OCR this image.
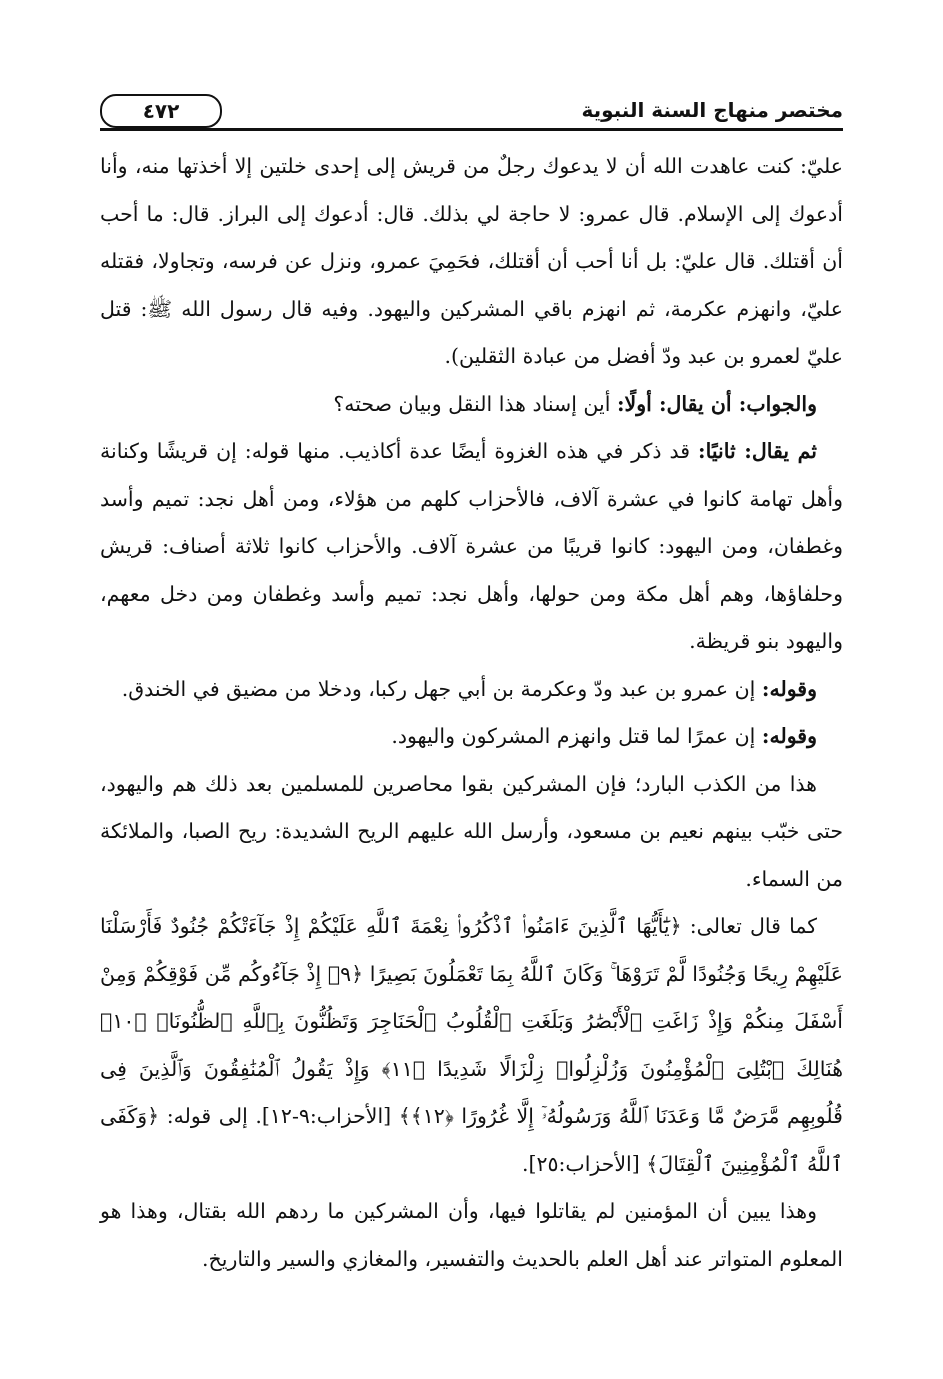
مختصر منهاج السنة النبوية
٤٧٢

عليّ: كنت عاهدت الله أن لا يدعوك رجلٌ من قريش إلى إحدى خلتين إلا أخذتها منه، وأنا أدعوك إلى الإسلام. قال عمرو: لا حاجة لي بذلك. قال: أدعوك إلى البراز. قال: ما أحب أن أقتلك. قال عليّ: بل أنا أحب أن أقتلك، فحَمِيَ عمرو، ونزل عن فرسه، وتجاولا، فقتله عليّ، وانهزم عكرمة، ثم انهزم باقي المشركين واليهود. وفيه قال رسول الله ﷺ: قتل عليّ لعمرو بن عبد ودّ أفضل من عبادة الثقلين).

والجواب: أن يقال: أولًا: أين إسناد هذا النقل وبيان صحته؟

ثم يقال: ثانيًا: قد ذكر في هذه الغزوة أيضًا عدة أكاذيب. منها قوله: إن قريشًا وكنانة وأهل تهامة كانوا في عشرة آلاف، فالأحزاب كلهم من هؤلاء، ومن أهل نجد: تميم وأسد وغطفان، ومن اليهود: كانوا قريبًا من عشرة آلاف. والأحزاب كانوا ثلاثة أصناف: قريش وحلفاؤها، وهم أهل مكة ومن حولها، وأهل نجد: تميم وأسد وغطفان ومن دخل معهم، واليهود بنو قريظة.

وقوله: إن عمرو بن عبد ودّ وعكرمة بن أبي جهل ركبا، ودخلا من مضيق في الخندق.

وقوله: إن عمرًا لما قتل وانهزم المشركون واليهود.

هذا من الكذب البارد؛ فإن المشركين بقوا محاصرين للمسلمين بعد ذلك هم واليهود، حتى خبّب بينهم نعيم بن مسعود، وأرسل الله عليهم الريح الشديدة: ريح الصبا، والملائكة من السماء.

كما قال تعالى: ﴿يَٰٓأَيُّهَا ٱلَّذِينَ ءَامَنُوا۟ ٱذْكُرُوا۟ نِعْمَةَ ٱللَّهِ عَلَيْكُمْ إِذْ جَآءَتْكُمْ جُنُودٌ فَأَرْسَلْنَا عَلَيْهِمْ رِيحًا وَجُنُودًا لَّمْ تَرَوْهَا ۚ وَكَانَ ٱللَّهُ بِمَا تَعْمَلُونَ بَصِيرًا ﴿٩﴾ إِذْ جَآءُوكُم مِّن فَوْقِكُمْ وَمِنْ أَسْفَلَ مِنكُمْ وَإِذْ زَاغَتِ ٱلْأَبْصَٰرُ وَبَلَغَتِ ٱلْقُلُوبُ ٱلْحَنَاجِرَ وَتَظُنُّونَ بِٱللَّهِ ٱلظُّنُونَا۠ ﴿١٠﴾ هُنَالِكَ ٱبْتُلِىَ ٱلْمُؤْمِنُونَ وَزُلْزِلُوا۟ زِلْزَالًا شَدِيدًا ﴿١١﴾ وَإِذْ يَقُولُ ٱلْمُنَٰفِقُونَ وَٱلَّذِينَ فِى قُلُوبِهِم مَّرَضٌ مَّا وَعَدَنَا ٱللَّهُ وَرَسُولُهُۥٓ إِلَّا غُرُورًا ﴿١٢﴾﴾ [الأحزاب:٩-١٢]. إلى قوله: ﴿وَكَفَى ٱللَّهُ ٱلْمُؤْمِنِينَ ٱلْقِتَالَ﴾ [الأحزاب:٢٥].

وهذا يبين أن المؤمنين لم يقاتلوا فيها، وأن المشركين ما ردهم الله بقتال، وهذا هو المعلوم المتواتر عند أهل العلم بالحديث والتفسير، والمغازي والسير والتاريخ.
